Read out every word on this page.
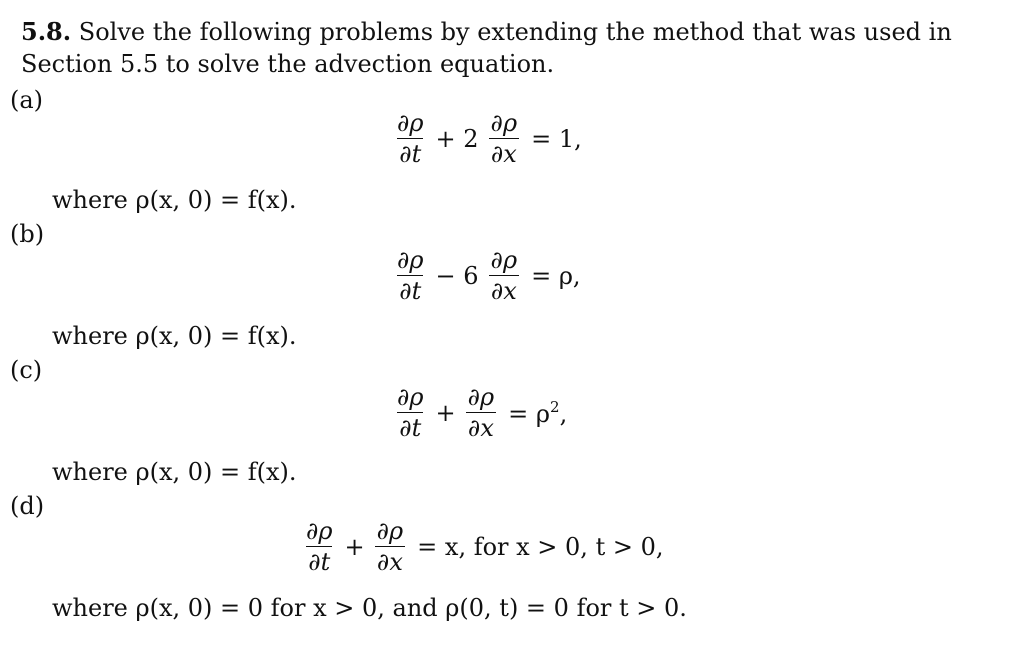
5.8. Solve the following problems by extending the method that was used in
Section 5.5 to solve the advection equation.
(a)
$\frac{\partial\rho}{\partial t} + 2 \frac{\partial\rho}{\partial x} = 1$,
where ρ(x, 0) = f(x).
(b)
$\frac{\partial\rho}{\partial t} - 6 \frac{\partial\rho}{\partial x} = \rho$,
where ρ(x, 0) = f(x).
(c)
$\frac{\partial\rho}{\partial t} + \frac{\partial\rho}{\partial x} = \rho^2$,
where ρ(x, 0) = f(x).
(d)
$\frac{\partial\rho}{\partial t} + \frac{\partial\rho}{\partial x} = x$, for x > 0, t > 0,
where ρ(x, 0) = 0 for x > 0, and ρ(0, t) = 0 for t > 0.
